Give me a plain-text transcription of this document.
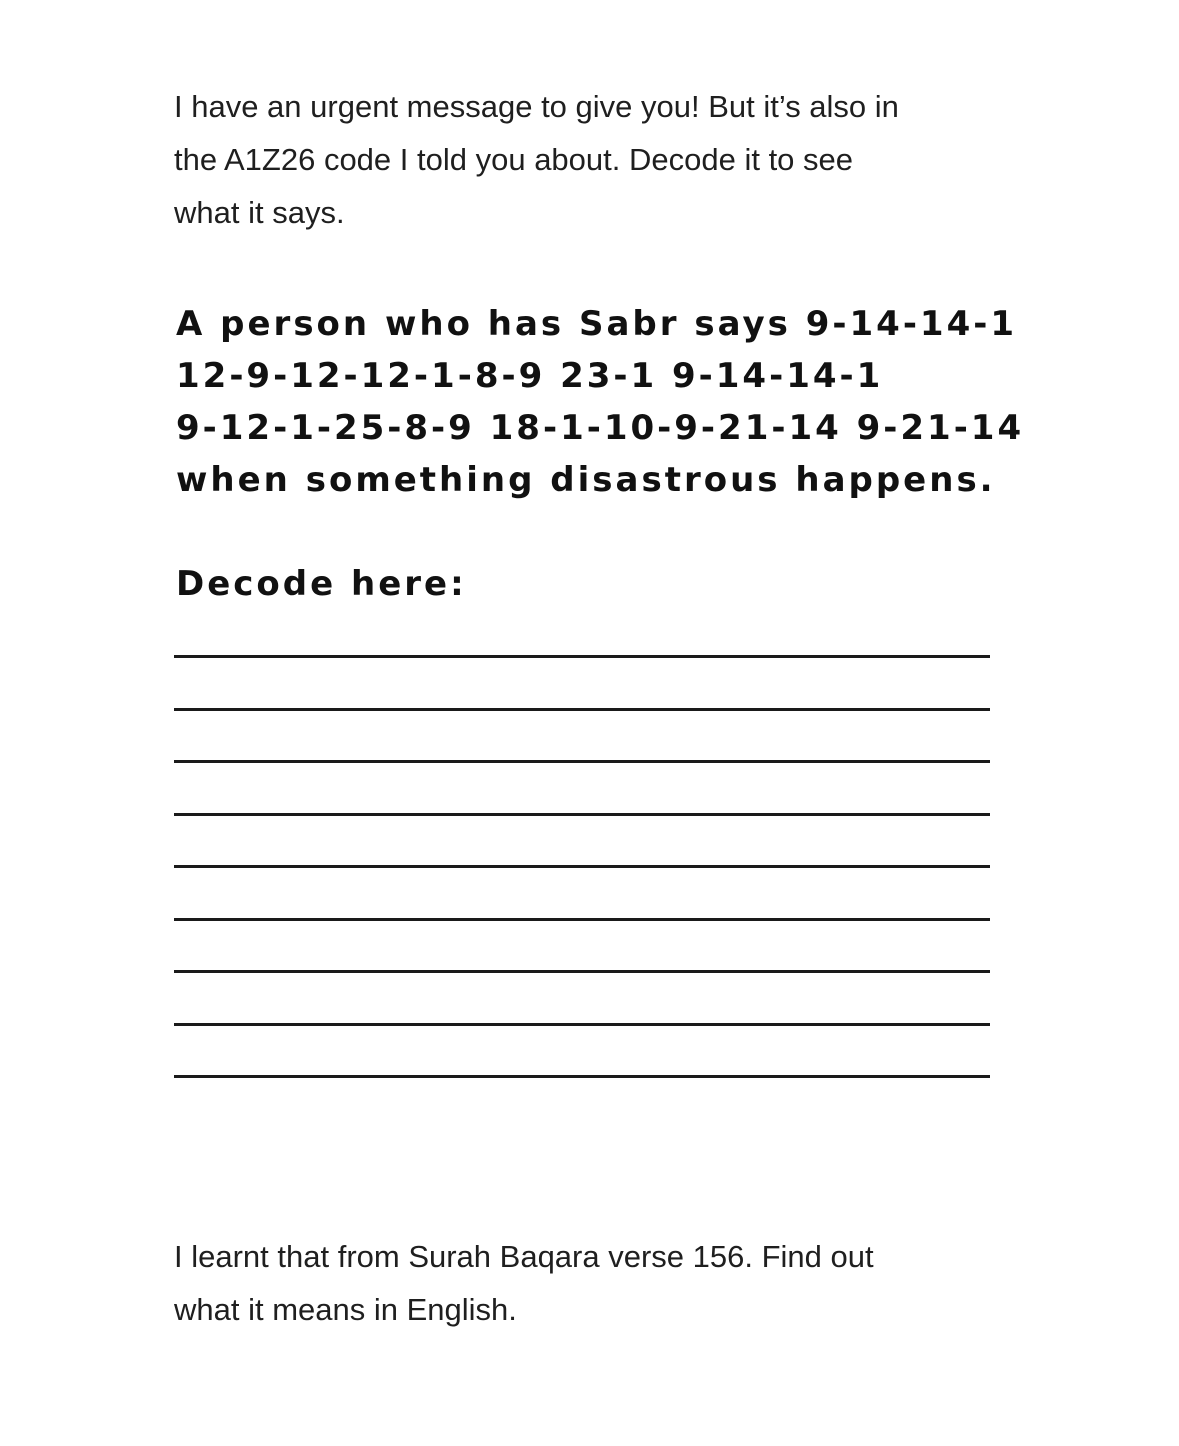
I have an urgent message to give you! But it’s also in
the A1Z26 code I told you about. Decode it to see
what it says.

A person who has Sabr says 9-14-14-1
12-9-12-12-1-8-9 23-1 9-14-14-1
9-12-1-25-8-9 18-1-10-9-21-14 9-21-14
when something disastrous happens.

Decode here:

I learnt that from Surah Baqara verse 156. Find out
what it means in English.
